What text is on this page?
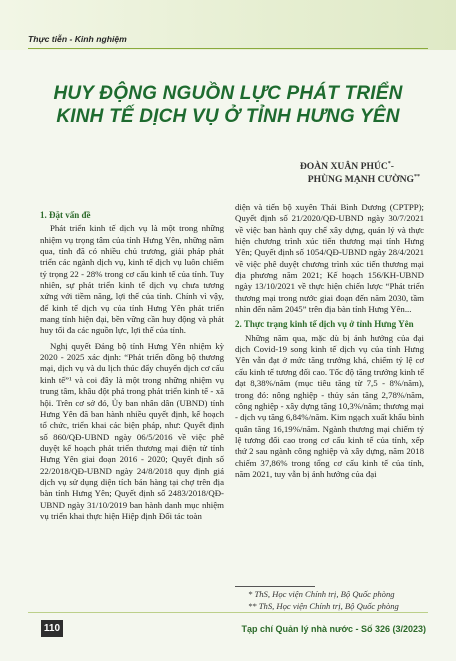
Thực tiễn - Kinh nghiệm
HUY ĐỘNG NGUỒN LỰC PHÁT TRIỂN
KINH TẾ DỊCH VỤ Ở TỈNH HƯNG YÊN
ĐOÀN XUÂN PHÚC*-
PHÙNG MẠNH CƯỜNG**
1. Đặt vấn đề

Phát triển kinh tế dịch vụ là một trong những nhiệm vụ trọng tâm của tỉnh Hưng Yên, những năm qua, tỉnh đã có nhiều chủ trương, giải pháp phát triển các ngành dịch vụ, kinh tế dịch vụ luôn chiếm tỷ trọng 22 - 28% trong cơ cấu kinh tế của tỉnh. Tuy nhiên, sự phát triển kinh tế dịch vụ chưa tương xứng với tiềm năng, lợi thế của tỉnh. Chính vì vậy, để kinh tế dịch vụ của tỉnh Hưng Yên phát triển mang tính hiện đại, bền vững cần huy động và phát huy tối đa các nguồn lực, lợi thế của tỉnh.

Nghị quyết Đảng bộ tỉnh Hưng Yên nhiệm kỳ 2020 - 2025 xác định: “Phát triển đồng bộ thương mại, dịch vụ và du lịch thúc đẩy chuyển dịch cơ cấu kinh tế”¹ và coi đây là một trong những nhiệm vụ trung tâm, khâu đột phá trong phát triển kinh tế - xã hội. Trên cơ sở đó, Ủy ban nhân dân (UBND) tỉnh Hưng Yên đã ban hành nhiều quyết định, kế hoạch tổ chức, triển khai các biện pháp, như: Quyết định số 860/QĐ-UBND ngày 06/5/2016 về việc phê duyệt kế hoạch phát triển thương mại điện tử tỉnh Hưng Yên giai đoạn 2016 - 2020; Quyết định số 22/2018/QĐ-UBND ngày 24/8/2018 quy định giá dịch vụ sử dụng diện tích bán hàng tại chợ trên địa bàn tỉnh Hưng Yên; Quyết định số 2483/2018/QĐ-UBND ngày 31/10/2019 ban hành danh mục nhiệm vụ triển khai thực hiện Hiệp định Đối tác toàn

diện và tiến bộ xuyên Thái Bình Dương (CPTPP); Quyết định số 21/2020/QĐ-UBND ngày 30/7/2021 về việc ban hành quy chế xây dựng, quản lý và thực hiện chương trình xúc tiến thương mại tỉnh Hưng Yên; Quyết định số 1054/QĐ-UBND ngày 28/4/2021 về việc phê duyệt chương trình xúc tiến thương mại địa phương năm 2021; Kế hoạch 156/KH-UBND ngày 13/10/2021 về thực hiện chiến lược “Phát triển thương mại trong nước giai đoạn đến năm 2030, tầm nhìn đến năm 2045” trên địa bàn tỉnh Hưng Yên...

2. Thực trạng kinh tế dịch vụ ở tỉnh Hưng Yên

Những năm qua, mặc dù bị ảnh hưởng của đại dịch Covid-19 song kinh tế dịch vụ của tỉnh Hưng Yên vẫn đạt ở mức tăng trưởng khá, chiếm tỷ lệ cơ cấu kinh tế tương đối cao. Tốc độ tăng trưởng kinh tế đạt 8,38%/năm (mục tiêu tăng từ 7,5 - 8%/năm), trong đó: nông nghiệp - thủy sản tăng 2,78%/năm, công nghiệp - xây dựng tăng 10,3%/năm; thương mại - dịch vụ tăng 6,84%/năm. Kim ngạch xuất khẩu bình quân tăng 16,19%/năm. Ngành thương mại chiếm tỷ lệ tương đối cao trong cơ cấu kinh tế của tỉnh, xếp thứ 2 sau ngành công nghiệp và xây dựng, năm 2018 chiếm 37,86% trong tổng cơ cấu kinh tế của tỉnh, năm 2021, tuy vẫn bị ảnh hưởng của đại

* ThS, Học viện Chính trị, Bộ Quốc phòng
** ThS, Học viện Chính trị, Bộ Quốc phòng
110	Tạp chí Quản lý nhà nước - Số 326 (3/2023)
